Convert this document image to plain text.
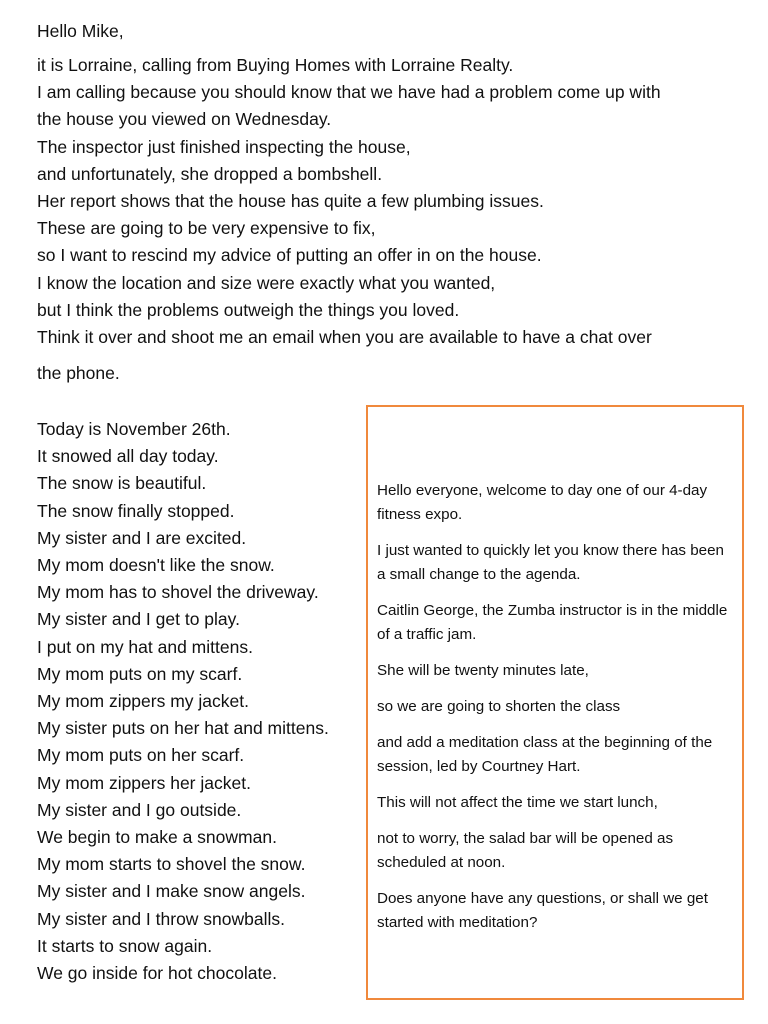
Hello Mike,

it is Lorraine, calling from Buying Homes with Lorraine Realty.
I am calling because you should know that we have had a problem come up with
the house you viewed on Wednesday.
The inspector just finished inspecting the house,
and unfortunately, she dropped a bombshell.
Her report shows that the house has quite a few plumbing issues.
These are going to be very expensive to fix,
so I want to rescind my advice of putting an offer in on the house.
I know the location and size were exactly what you wanted,
but I think the problems outweigh the things you loved.
Think it over and shoot me an email when you are available to have a chat over
the phone.
Today is November 26th.
It snowed all day today.
The snow is beautiful.
The snow finally stopped.
My sister and I are excited.
My mom doesn't like the snow.
My mom has to shovel the driveway.
My sister and I get to play.
I put on my hat and mittens.
My mom puts on my scarf.
My mom zippers my jacket.
My sister puts on her hat and mittens.
My mom puts on her scarf.
My mom zippers her jacket.
My sister and I go outside.
We begin to make a snowman.
My mom starts to shovel the snow.
My sister and I make snow angels.
My sister and I throw snowballs.
It starts to snow again.
We go inside for hot chocolate.

Hello everyone, welcome to day one of our 4-day fitness expo.

I just wanted to quickly let you know there has been a small change to the agenda.

Caitlin George, the Zumba instructor is in the middle of a traffic jam.

She will be twenty minutes late,

so we are going to shorten the class

and add a meditation class at the beginning of the session, led by Courtney Hart.

This will not affect the time we start lunch,

not to worry, the salad bar will be opened as scheduled at noon.

Does anyone have any questions, or shall we get started with meditation?
